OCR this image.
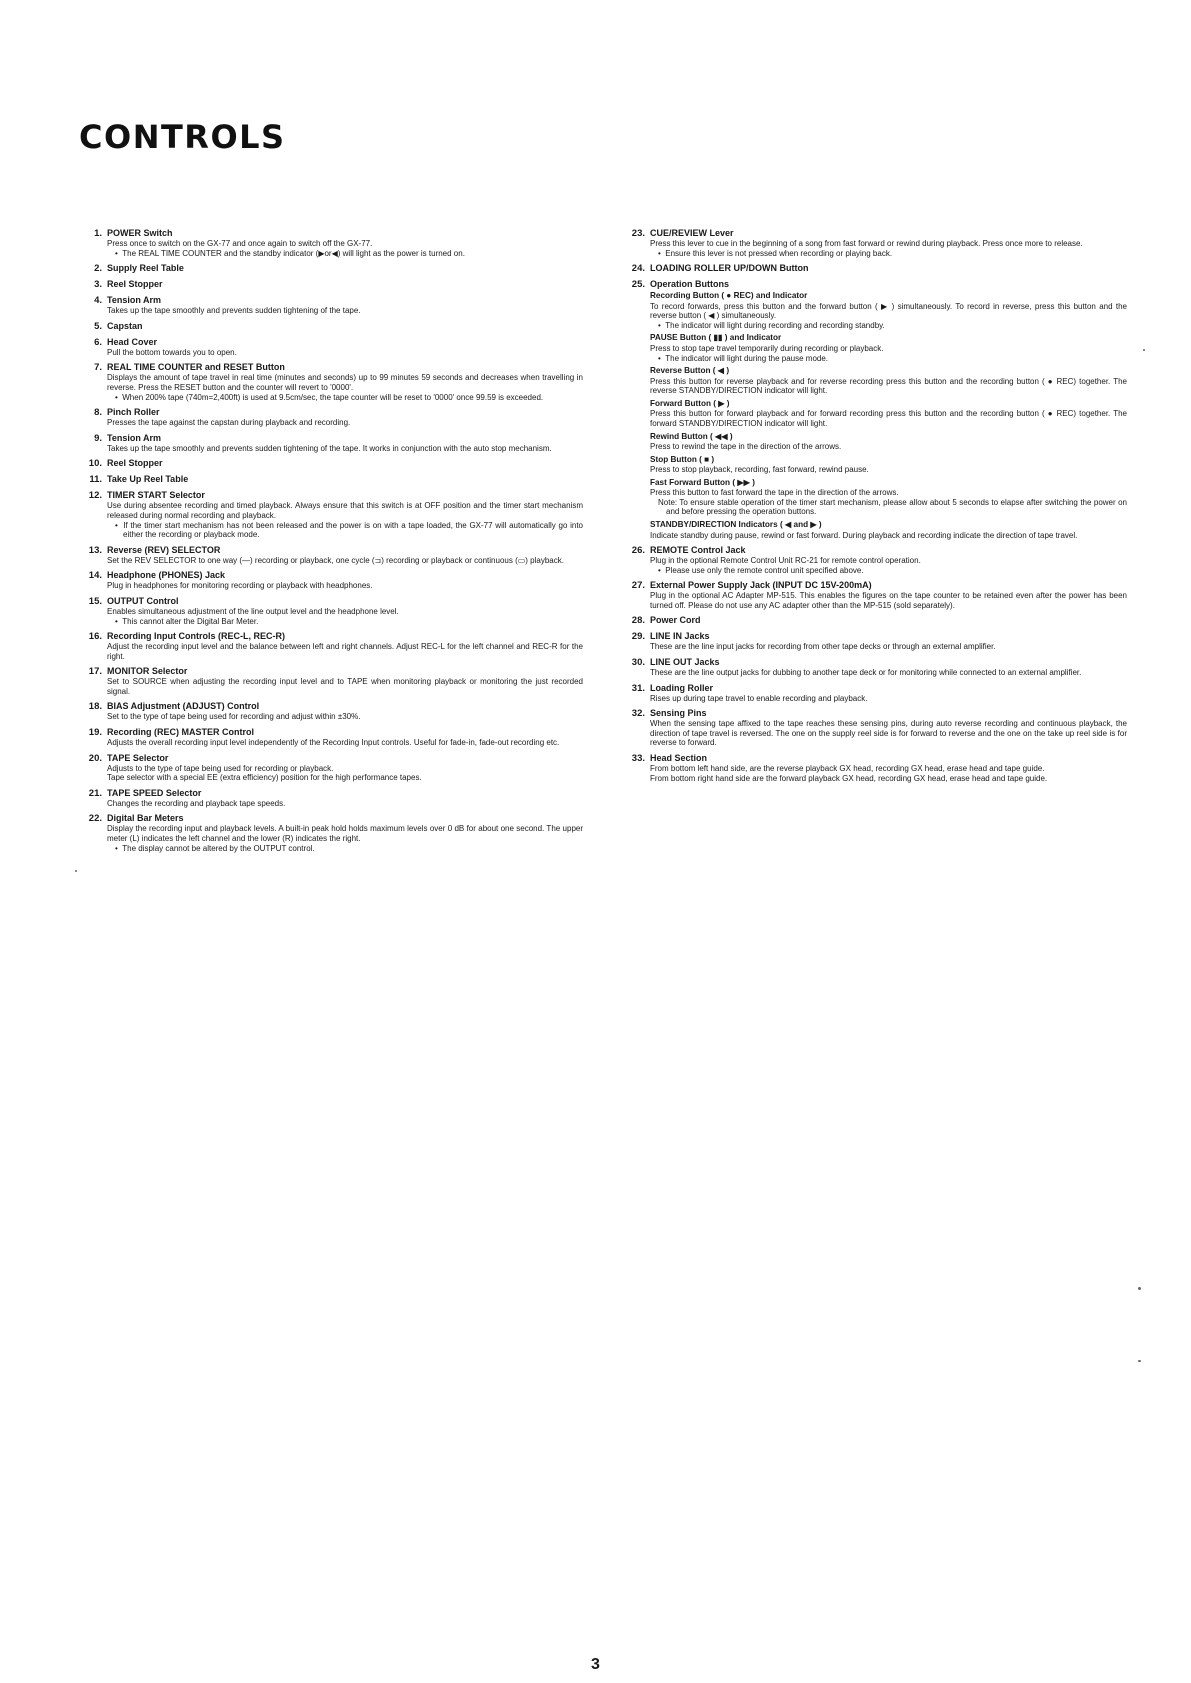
CONTROLS
1. POWER Switch
Press once to switch on the GX-77 and once again to switch off the GX-77.
•  The REAL TIME COUNTER and the standby indicator (▶or◀) will light as the power is turned on.
2. Supply Reel Table
3. Reel Stopper
4. Tension Arm
Takes up the tape smoothly and prevents sudden tightening of the tape.
5. Capstan
6. Head Cover
Pull the bottom towards you to open.
7. REAL TIME COUNTER and RESET Button
Displays the amount of tape travel in real time (minutes and seconds) up to 99 minutes 59 seconds and decreases when travelling in reverse. Press the RESET button and the counter will revert to '0000'.
•  When 200% tape (740m=2,400ft) is used at 9.5cm/sec, the tape counter will be reset to '0000' once 99.59 is exceeded.
8. Pinch Roller
Presses the tape against the capstan during playback and recording.
9. Tension Arm
Takes up the tape smoothly and prevents sudden tightening of the tape. It works in conjunction with the auto stop mechanism.
10. Reel Stopper
11. Take Up Reel Table
12. TIMER START Selector
Use during absentee recording and timed playback. Always ensure that this switch is at OFF position and the timer start mechanism released during normal recording and playback.
•  If the timer start mechanism has not been released and the power is on with a tape loaded, the GX-77 will automatically go into either the recording or playback mode.
13. Reverse (REV) SELECTOR
Set the REV SELECTOR to one way (—) recording or playback, one cycle (⊐) recording or playback or continuous (▭) playback.
14. Headphone (PHONES) Jack
Plug in headphones for monitoring recording or playback with headphones.
15. OUTPUT Control
Enables simultaneous adjustment of the line output level and the headphone level.
•  This cannot alter the Digital Bar Meter.
16. Recording Input Controls (REC-L, REC-R)
Adjust the recording input level and the balance between left and right channels. Adjust REC-L for the left channel and REC-R for the right.
17. MONITOR Selector
Set to SOURCE when adjusting the recording input level and to TAPE when monitoring playback or monitoring the just recorded signal.
18. BIAS Adjustment (ADJUST) Control
Set to the type of tape being used for recording and adjust within ±30%.
19. Recording (REC) MASTER Control
Adjusts the overall recording input level independently of the Recording Input controls. Useful for fade-in, fade-out recording etc.
20. TAPE Selector
Adjusts to the type of tape being used for recording or playback.
Tape selector with a special EE (extra efficiency) position for the high performance tapes.
21. TAPE SPEED Selector
Changes the recording and playback tape speeds.
22. Digital Bar Meters
Display the recording input and playback levels. A built-in peak hold holds maximum levels over 0 dB for about one second. The upper meter (L) indicates the left channel and the lower (R) indicates the right.
•  The display cannot be altered by the OUTPUT control.
23. CUE/REVIEW Lever
Press this lever to cue in the beginning of a song from fast forward or rewind during playback. Press once more to release.
•  Ensure this lever is not pressed when recording or playing back.
24. LOADING ROLLER UP/DOWN Button
25. Operation Buttons
Recording Button ( ● REC) and Indicator
To record forwards, press this button and the forward button ( ▶ ) simultaneously. To record in reverse, press this button and the reverse button ( ◀ ) simultaneously.
•  The indicator will light during recording and recording standby.
PAUSE Button ( ▮▮ ) and Indicator
Press to stop tape travel temporarily during recording or playback.
•  The indicator will light during the pause mode.
Reverse Button ( ◀ )
Press this button for reverse playback and for reverse recording press this button and the recording button ( ● REC) together. The reverse STANDBY/DIRECTION indicator will light.
Forward Button ( ▶ )
Press this button for forward playback and for forward recording press this button and the recording button ( ● REC) together. The forward STANDBY/DIRECTION indicator will light.
Rewind Button ( ◀◀ )
Press to rewind the tape in the direction of the arrows.
Stop Button ( ■ )
Press to stop playback, recording, fast forward, rewind pause.
Fast Forward Button ( ▶▶ )
Press this button to fast forward the tape in the direction of the arrows.
Note: To ensure stable operation of the timer start mechanism, please allow about 5 seconds to elapse after switching the power on and before pressing the operation buttons.
STANDBY/DIRECTION Indicators ( ◀ and ▶ )
Indicate standby during pause, rewind or fast forward. During playback and recording indicate the direction of tape travel.
26. REMOTE Control Jack
Plug in the optional Remote Control Unit RC-21 for remote control operation.
•  Please use only the remote control unit specified above.
27. External Power Supply Jack (INPUT DC 15V-200mA)
Plug in the optional AC Adapter MP-515. This enables the figures on the tape counter to be retained even after the power has been turned off. Please do not use any AC adapter other than the MP-515 (sold separately).
28. Power Cord
29. LINE IN Jacks
These are the line input jacks for recording from other tape decks or through an external amplifier.
30. LINE OUT Jacks
These are the line output jacks for dubbing to another tape deck or for monitoring while connected to an external amplifier.
31. Loading Roller
Rises up during tape travel to enable recording and playback.
32. Sensing Pins
When the sensing tape affixed to the tape reaches these sensing pins, during auto reverse recording and continuous playback, the direction of tape travel is reversed. The one on the supply reel side is for forward to reverse and the one on the take up reel side is for reverse to forward.
33. Head Section
From bottom left hand side, are the reverse playback GX head, recording GX head, erase head and tape guide.
From bottom right hand side are the forward playback GX head, recording GX head, erase head and tape guide.
3
